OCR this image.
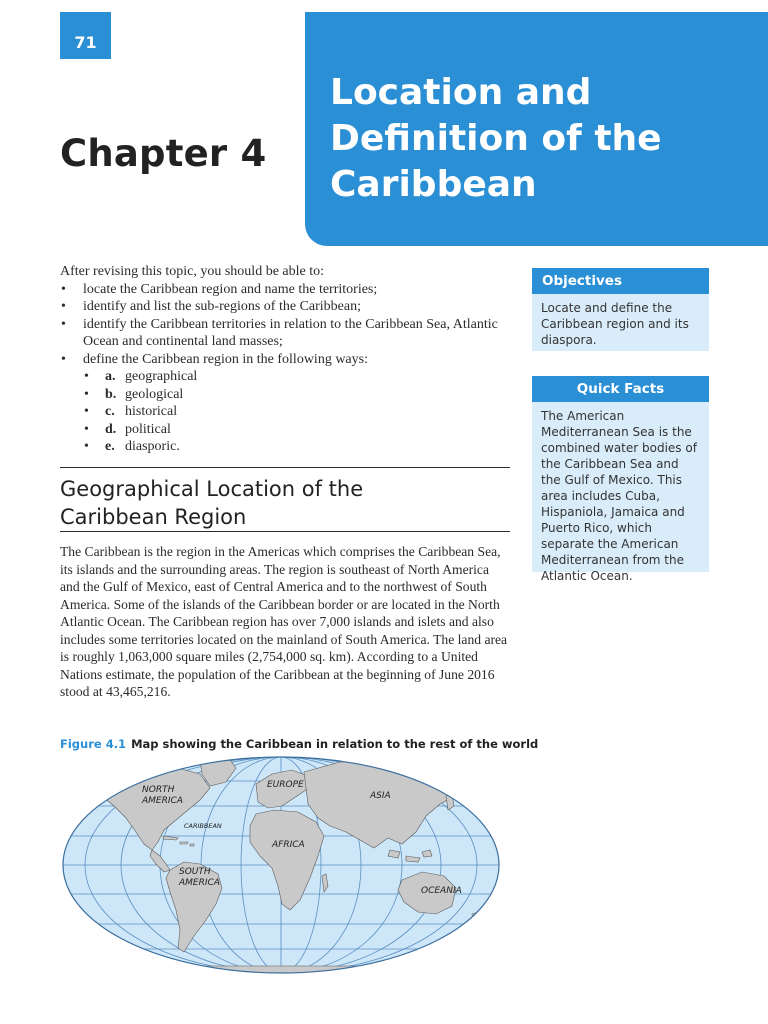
71
Chapter 4
Location and
Definition of the
Caribbean

After revising this topic, you should be able to:

• locate the Caribbean region and name the territories;
• identify and list the sub-regions of the Caribbean;
• identify the Caribbean territories in relation to the Caribbean Sea, Atlantic Ocean and continental land masses;
• define the Caribbean region in the following ways:
• a. geographical
• b. geological
• c. historical
• d. political
• e. diasporic.
Geographical Location of the
Caribbean Region

The Caribbean is the region in the Americas which comprises the Caribbean Sea, its islands and the surrounding areas. The region is southeast of North America and the Gulf of Mexico, east of Central America and to the northwest of South America. Some of the islands of the Caribbean border or are located in the North Atlantic Ocean. The Caribbean region has over 7,000 islands and islets and also includes some territories located on the mainland of South America. The land area is roughly 1,063,000 square miles (2,754,000 sq. km). According to a United Nations estimate, the population of the Caribbean at the beginning of June 2016 stood at 43,465,216.

Objectives
Locate and define the Caribbean region and its diaspora.
Quick Facts
The American Mediterranean Sea is the combined water bodies of the Caribbean Sea and the Gulf of Mexico. This area includes Cuba, Hispaniola, Jamaica and Puerto Rico, which separate the American Mediterranean from the Atlantic Ocean.
Figure 4.1 Map showing the Caribbean in relation to the rest of the world
NORTH
AMERICA
CARIBBEAN
SOUTH
AMERICA
EUROPE
ASIA
AFRICA
OCEANIA
